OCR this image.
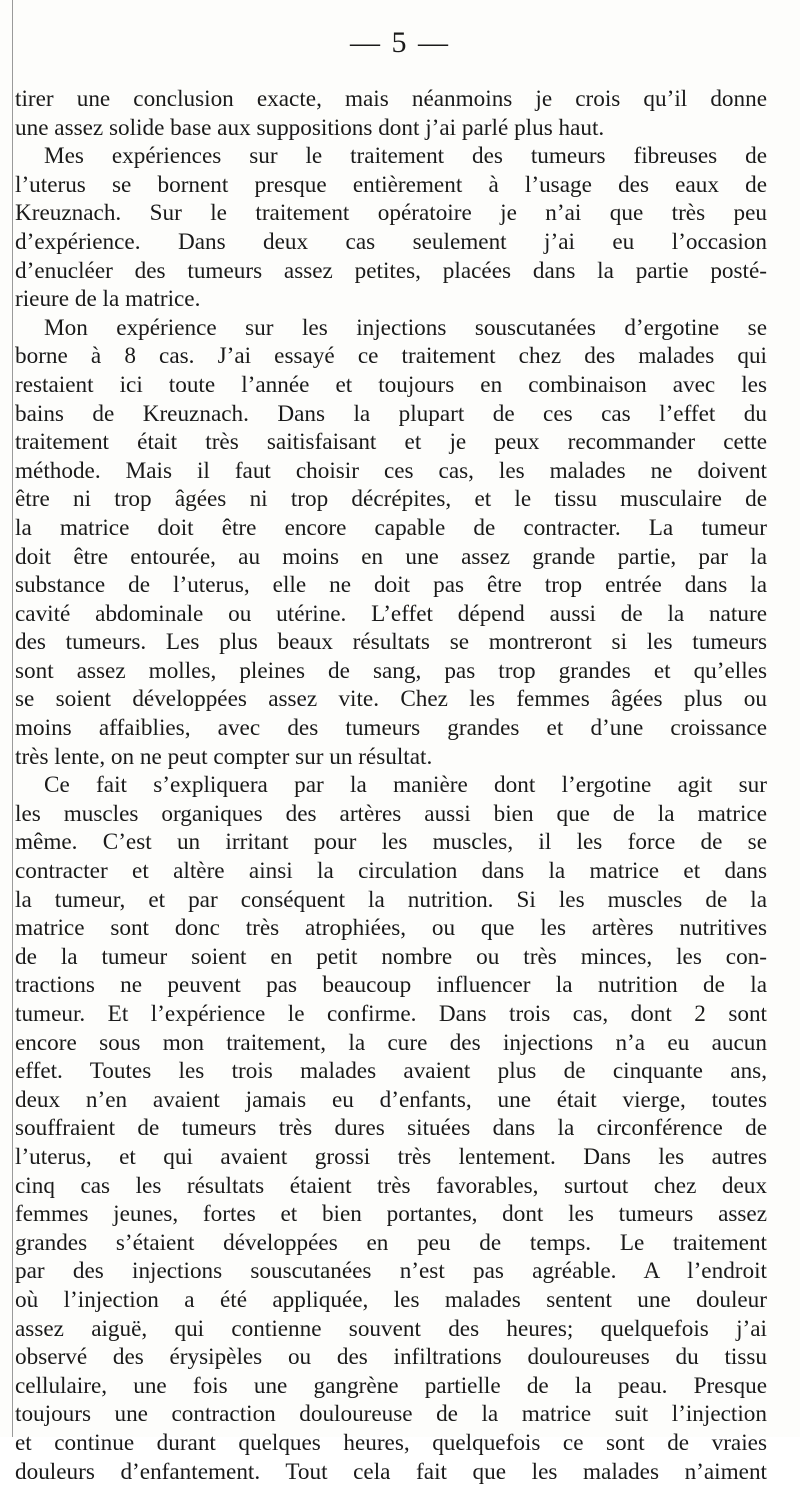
— 5 —
tirer une conclusion exacte, mais néanmoins je crois qu’il donne
une assez solide base aux suppositions dont j’ai parlé plus haut.
Mes expériences sur le traitement des tumeurs fibreuses de
l’uterus se bornent presque entièrement à l’usage des eaux de
Kreuznach. Sur le traitement opératoire je n’ai que très peu
d’expérience. Dans deux cas seulement j’ai eu l’occasion
d’enucléer des tumeurs assez petites, placées dans la partie posté-
rieure de la matrice.
Mon expérience sur les injections souscutanées d’ergotine se
borne à 8 cas. J’ai essayé ce traitement chez des malades qui
restaient ici toute l’année et toujours en combinaison avec les
bains de Kreuznach. Dans la plupart de ces cas l’effet du
traitement était très saitisfaisant et je peux recommander cette
méthode. Mais il faut choisir ces cas, les malades ne doivent
être ni trop âgées ni trop décrépites, et le tissu musculaire de
la matrice doit être encore capable de contracter. La tumeur
doit être entourée, au moins en une assez grande partie, par la
substance de l’uterus, elle ne doit pas être trop entrée dans la
cavité abdominale ou utérine. L’effet dépend aussi de la nature
des tumeurs. Les plus beaux résultats se montreront si les tumeurs
sont assez molles, pleines de sang, pas trop grandes et qu’elles
se soient développées assez vite. Chez les femmes âgées plus ou
moins affaiblies, avec des tumeurs grandes et d’une croissance
très lente, on ne peut compter sur un résultat.
Ce fait s’expliquera par la manière dont l’ergotine agit sur
les muscles organiques des artères aussi bien que de la matrice
même. C’est un irritant pour les muscles, il les force de se
contracter et altère ainsi la circulation dans la matrice et dans
la tumeur, et par conséquent la nutrition. Si les muscles de la
matrice sont donc très atrophiées, ou que les artères nutritives
de la tumeur soient en petit nombre ou très minces, les con-
tractions ne peuvent pas beaucoup influencer la nutrition de la
tumeur. Et l’expérience le confirme. Dans trois cas, dont 2 sont
encore sous mon traitement, la cure des injections n’a eu aucun
effet. Toutes les trois malades avaient plus de cinquante ans,
deux n’en avaient jamais eu d’enfants, une était vierge, toutes
souffraient de tumeurs très dures situées dans la circonférence de
l’uterus, et qui avaient grossi très lentement. Dans les autres
cinq cas les résultats étaient très favorables, surtout chez deux
femmes jeunes, fortes et bien portantes, dont les tumeurs assez
grandes s’étaient développées en peu de temps. Le traitement
par des injections souscutanées n’est pas agréable. A l’endroit
où l’injection a été appliquée, les malades sentent une douleur
assez aiguë, qui contienne souvent des heures; quelquefois j’ai
observé des érysipèles ou des infiltrations douloureuses du tissu
cellulaire, une fois une gangrène partielle de la peau. Presque
toujours une contraction douloureuse de la matrice suit l’injection
et continue durant quelques heures, quelquefois ce sont de vraies
douleurs d’enfantement. Tout cela fait que les malades n’aiment
